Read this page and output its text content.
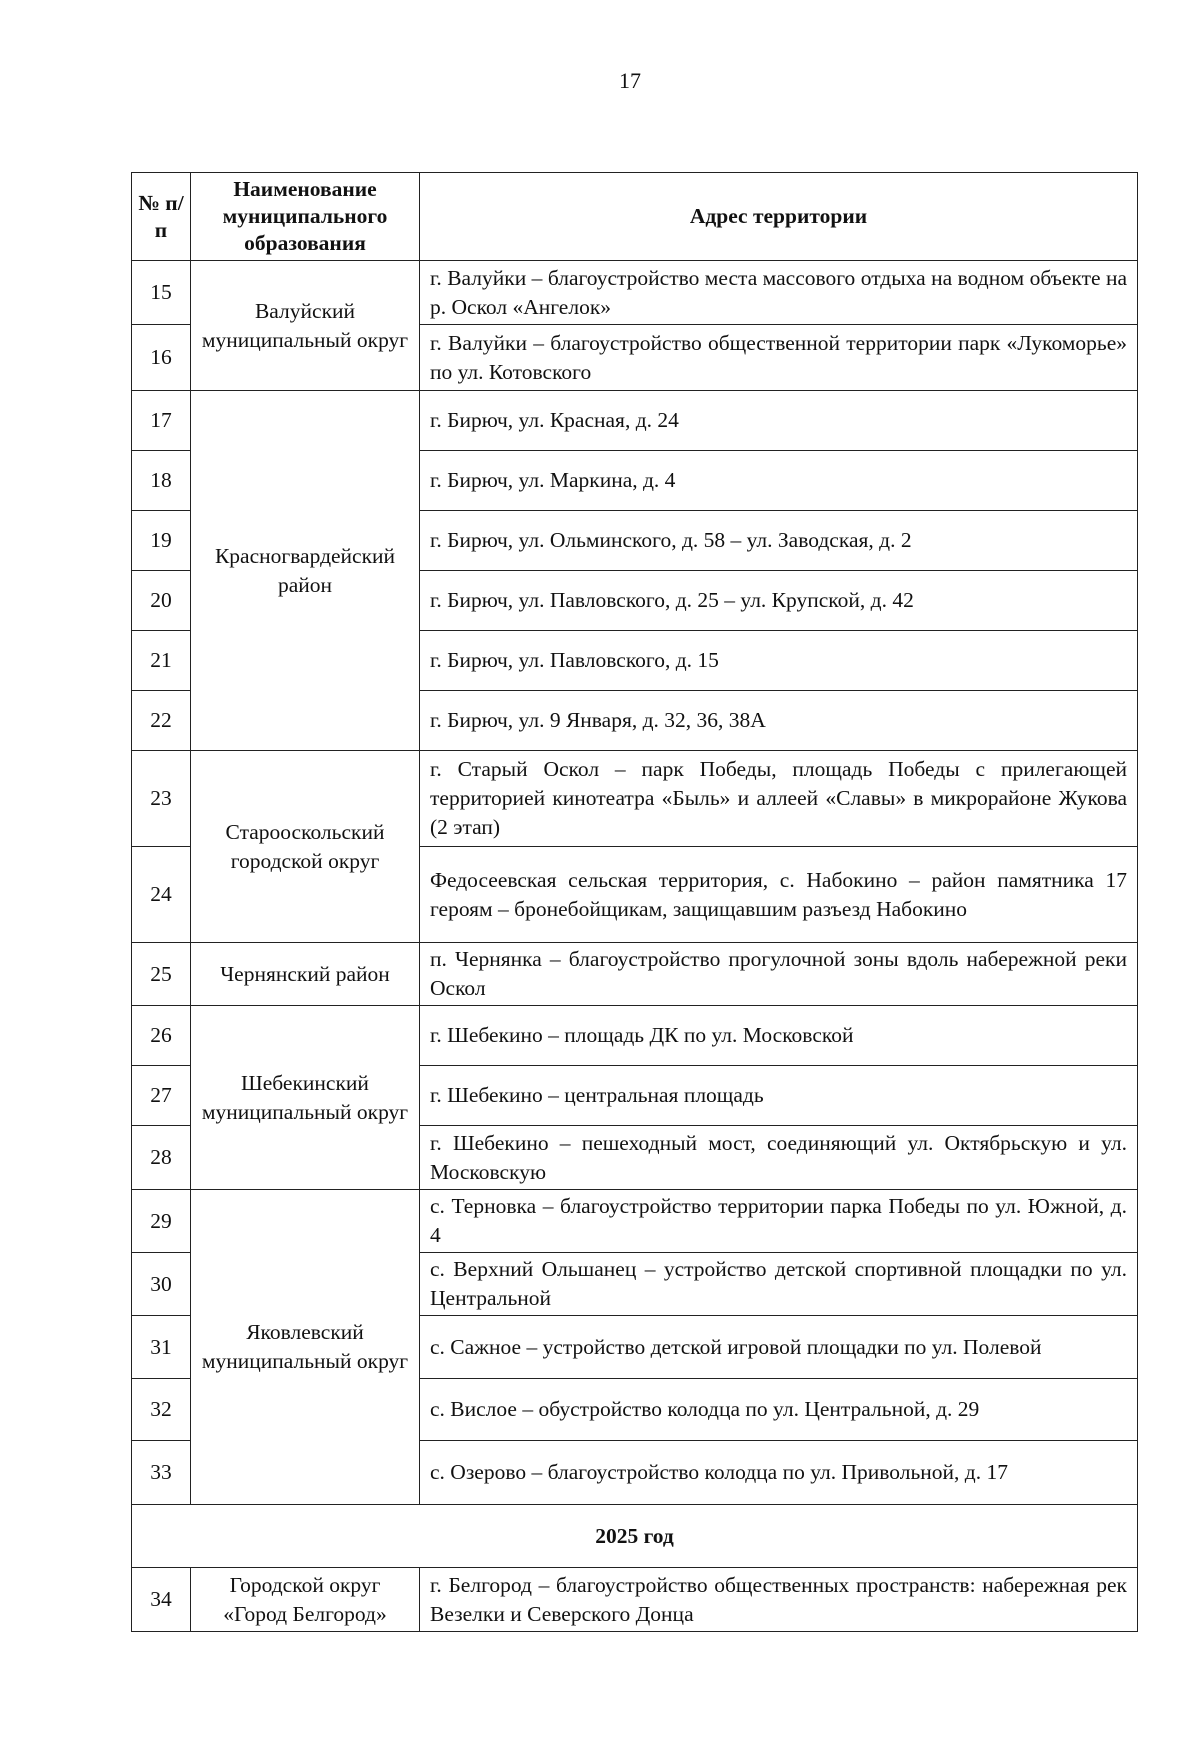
17
№ п/п	Наименование муниципального образования	Адрес территории
15	Валуйский муниципальный округ	г. Валуйки – благоустройство места массового отдыха на водном объекте на р. Оскол «Ангелок»
16		г. Валуйки – благоустройство общественной территории парк «Лукоморье» по ул. Котовского
17	Красногвардейский район	г. Бирюч, ул. Красная, д. 24
18		г. Бирюч, ул. Маркина, д. 4
19		г. Бирюч, ул. Ольминского, д. 58 – ул. Заводская, д. 2
20		г. Бирюч, ул. Павловского, д. 25 – ул. Крупской, д. 42
21		г. Бирюч, ул. Павловского, д. 15
22		г. Бирюч, ул. 9 Января, д. 32, 36, 38А
23	Старооскольский городской округ	г. Старый Оскол – парк Победы, площадь Победы с прилегающей территорией кинотеатра «Быль» и аллеей «Славы» в микрорайоне Жукова (2 этап)
24		Федосеевская сельская территория, с. Набокино – район памятника 17 героям – бронебойщикам, защищавшим разъезд Набокино
25	Чернянский район	п. Чернянка – благоустройство прогулочной зоны вдоль набережной реки Оскол
26	Шебекинский муниципальный округ	г. Шебекино – площадь ДК по ул. Московской
27		г. Шебекино – центральная площадь
28		г. Шебекино – пешеходный мост, соединяющий ул. Октябрьскую и ул. Московскую
29	Яковлевский муниципальный округ	с. Терновка – благоустройство территории парка Победы по ул. Южной, д. 4
30		с. Верхний Ольшанец – устройство детской спортивной площадки по ул. Центральной
31		с. Сажное – устройство детской игровой площадки по ул. Полевой
32		с. Вислое – обустройство колодца по ул. Центральной, д. 29
33		с. Озерово – благоустройство колодца по ул. Привольной, д. 17
2025 год		
34	Городской округ «Город Белгород»	г. Белгород – благоустройство общественных пространств: набережная рек Везелки и Северского Донца
